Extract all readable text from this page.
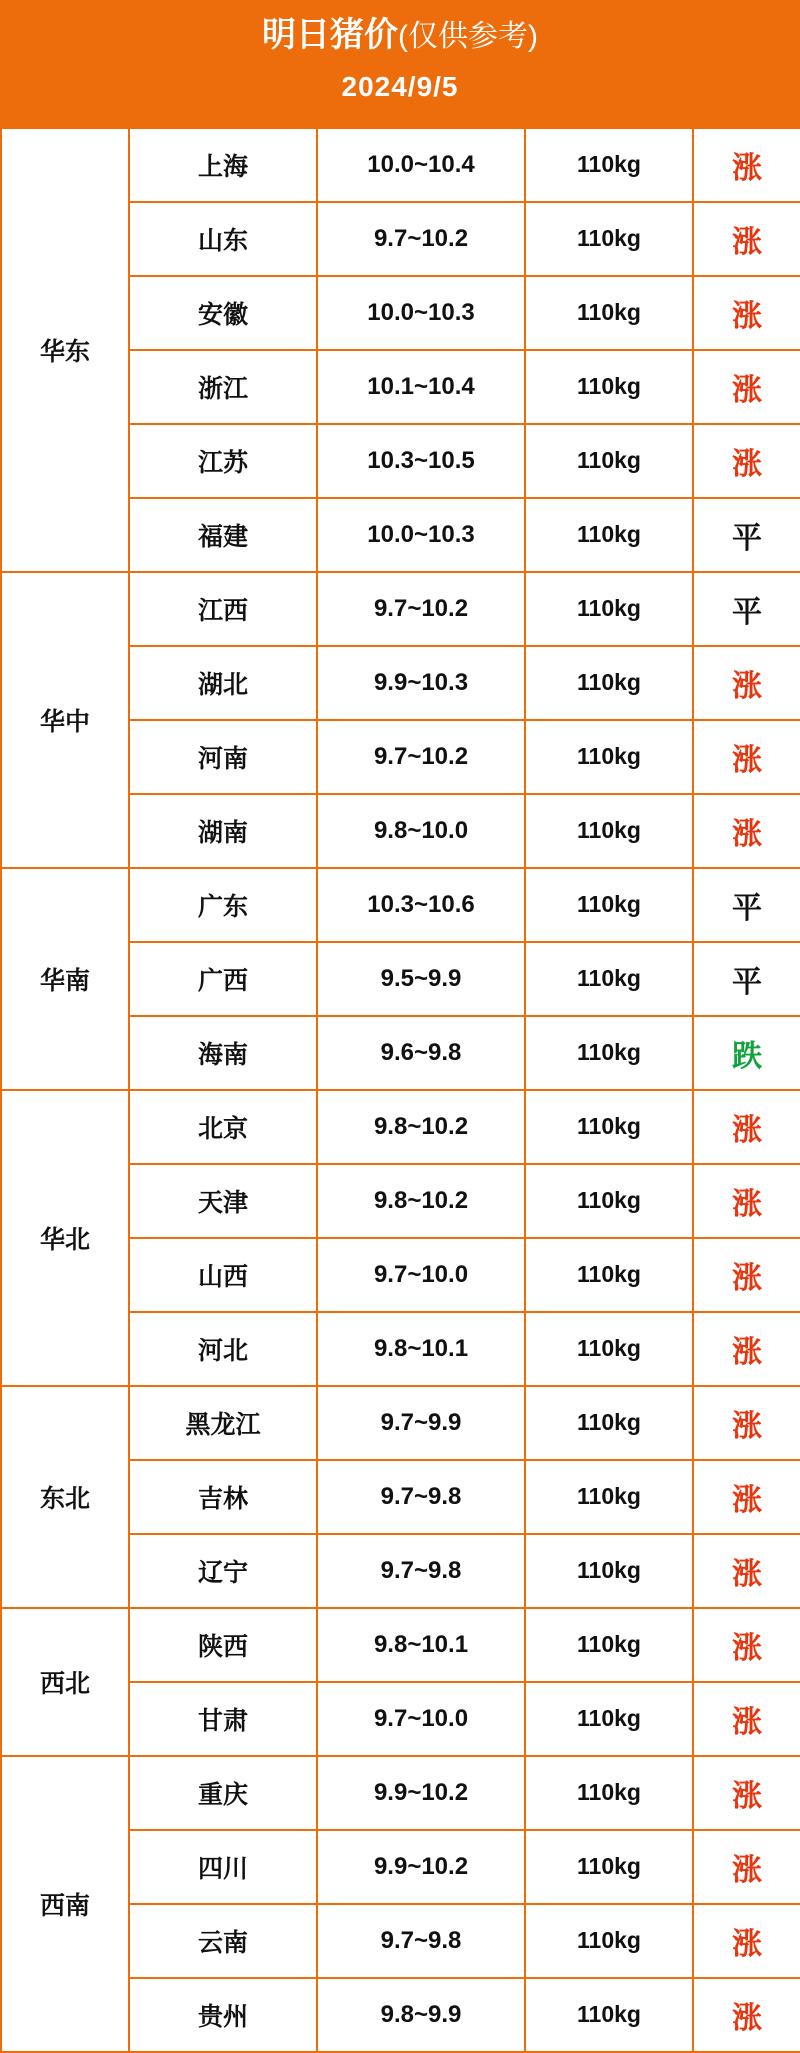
明日猪价(仅供参考)
2024/9/5
华东	上海	10.0~10.4	110kg	涨
	山东	9.7~10.2	110kg	涨
	安徽	10.0~10.3	110kg	涨
	浙江	10.1~10.4	110kg	涨
	江苏	10.3~10.5	110kg	涨
	福建	10.0~10.3	110kg	平
华中	江西	9.7~10.2	110kg	平
	湖北	9.9~10.3	110kg	涨
	河南	9.7~10.2	110kg	涨
	湖南	9.8~10.0	110kg	涨
华南	广东	10.3~10.6	110kg	平
	广西	9.5~9.9	110kg	平
	海南	9.6~9.8	110kg	跌
华北	北京	9.8~10.2	110kg	涨
	天津	9.8~10.2	110kg	涨
	山西	9.7~10.0	110kg	涨
	河北	9.8~10.1	110kg	涨
东北	黑龙江	9.7~9.9	110kg	涨
	吉林	9.7~9.8	110kg	涨
	辽宁	9.7~9.8	110kg	涨
西北	陕西	9.8~10.1	110kg	涨
	甘肃	9.7~10.0	110kg	涨
西南	重庆	9.9~10.2	110kg	涨
	四川	9.9~10.2	110kg	涨
	云南	9.7~9.8	110kg	涨
	贵州	9.8~9.9	110kg	涨
